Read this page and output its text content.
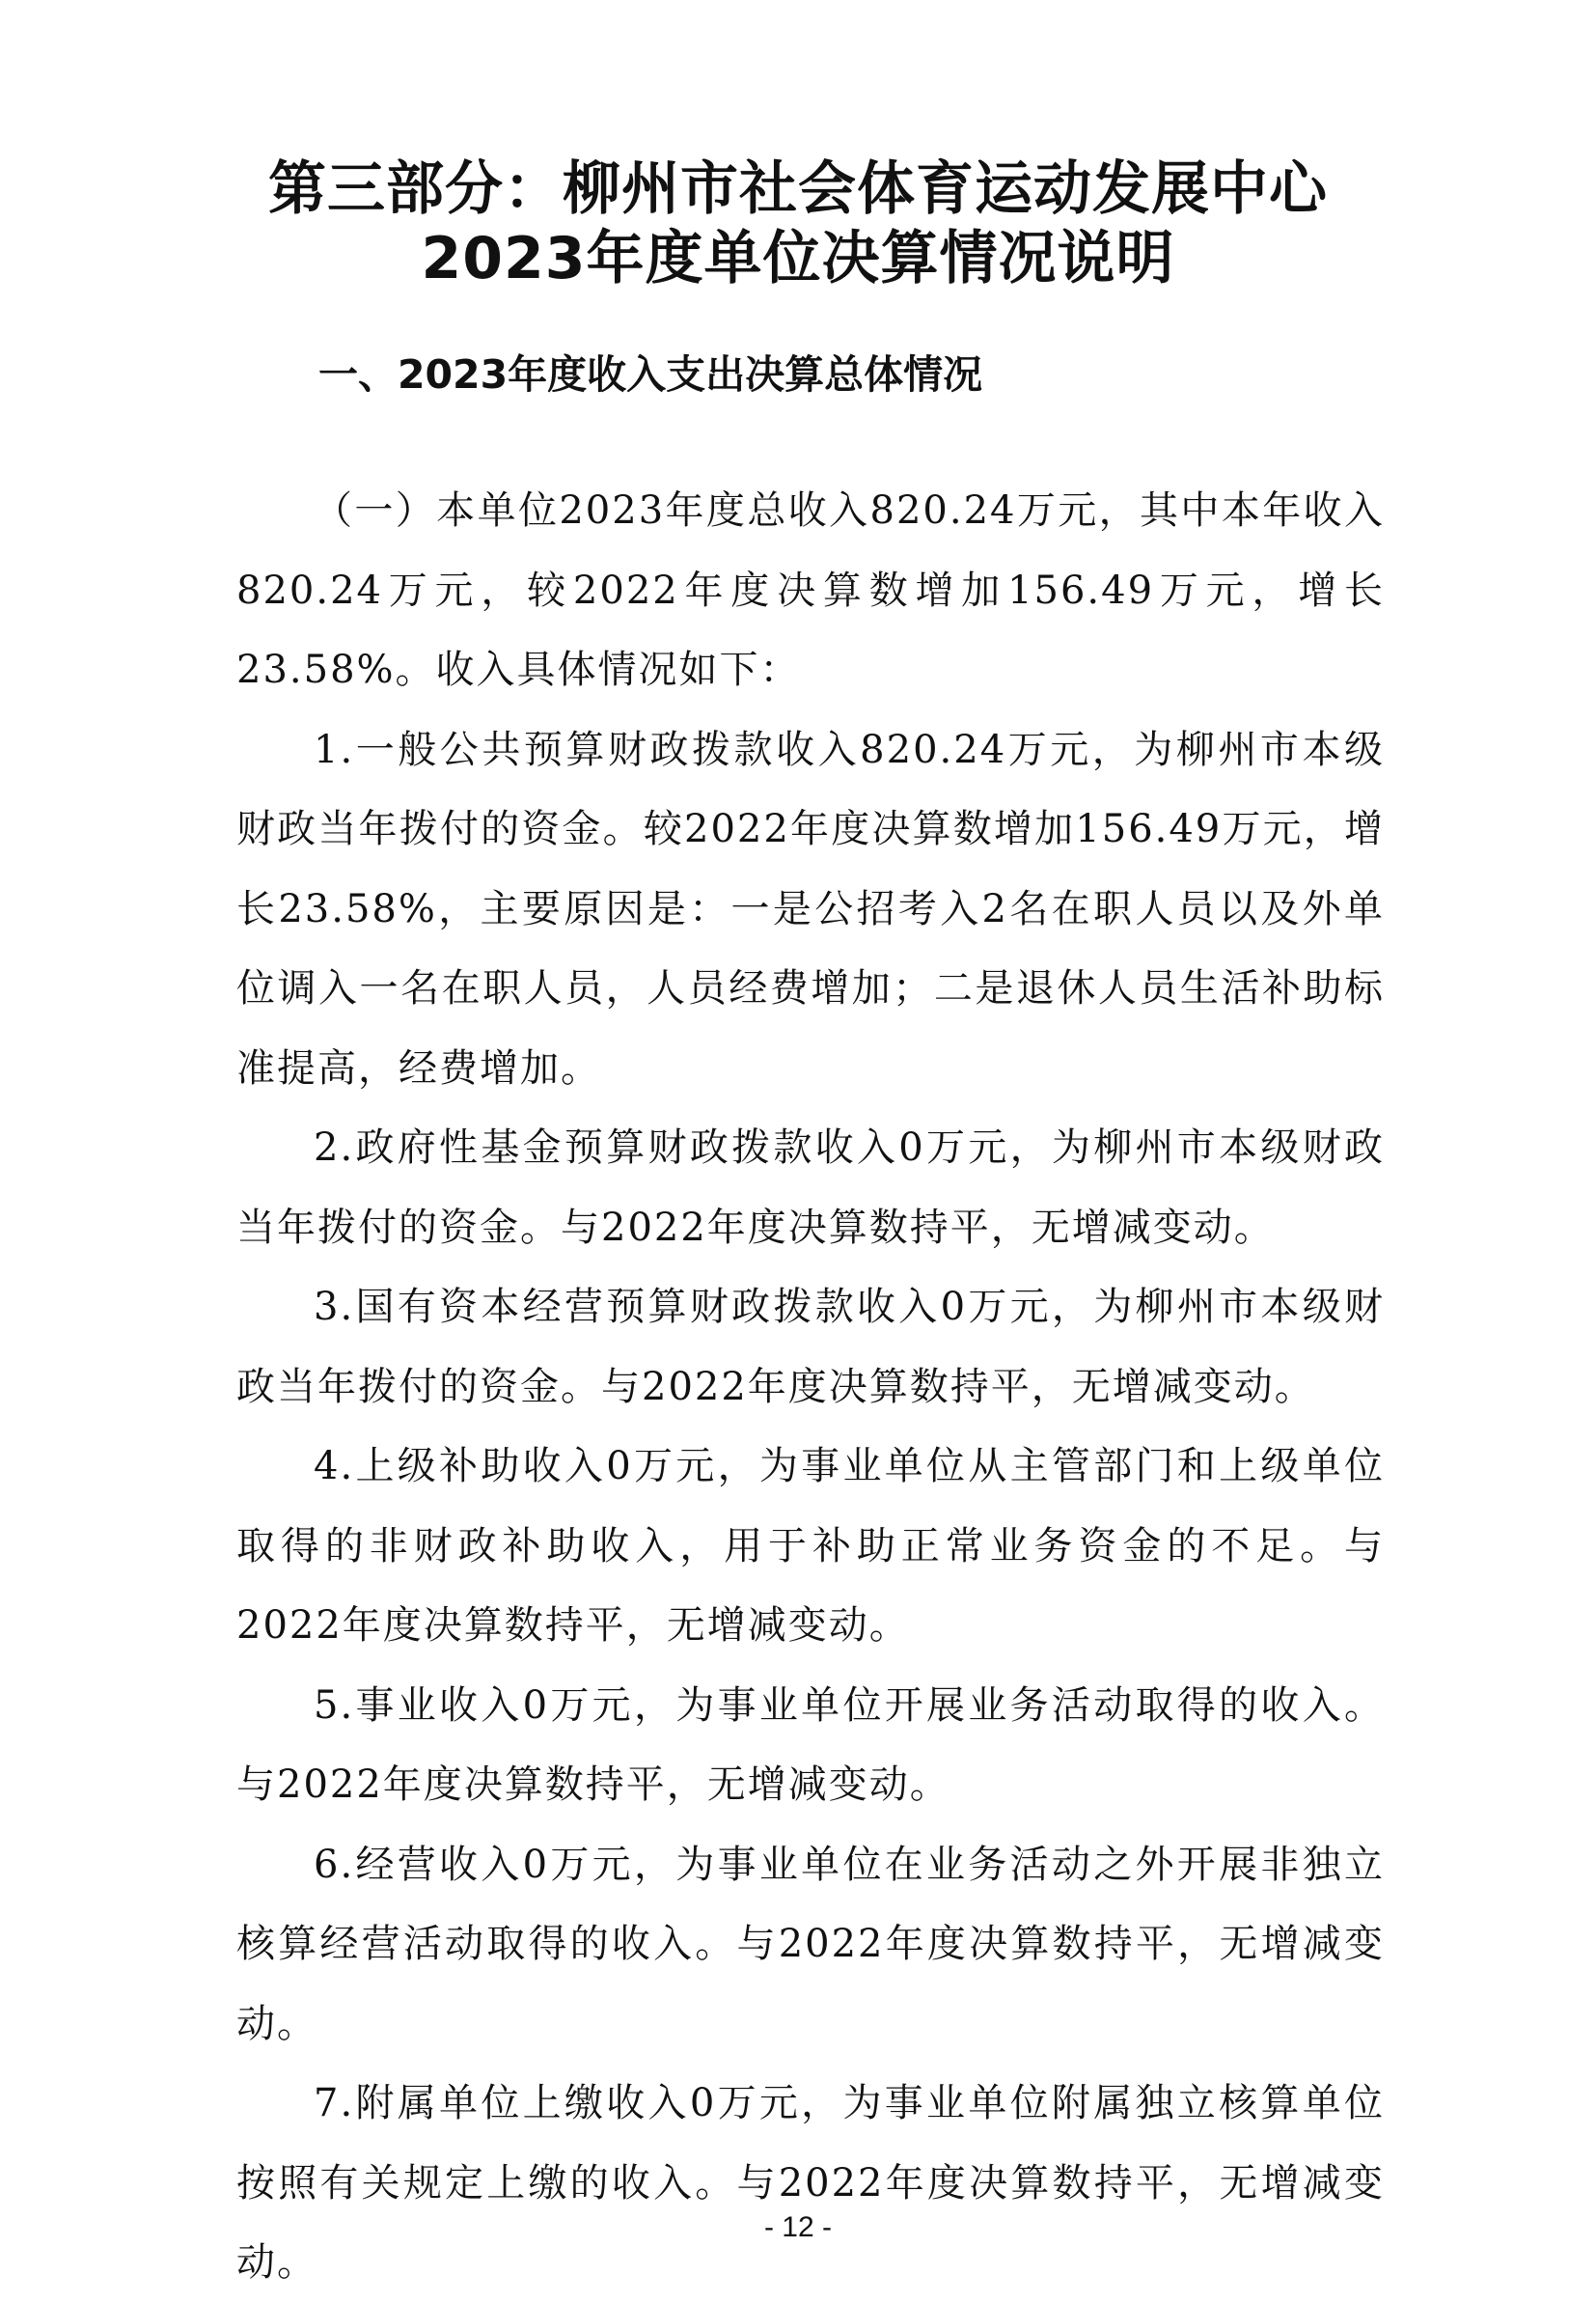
第三部分：柳州市社会体育运动发展中心
2023年度单位决算情况说明
一、2023年度收入支出决算总体情况

（一）本单位2023年度总收入820.24万元，其中本年收入820.24万元，较2022年度决算数增加156.49万元，增长23.58%。收入具体情况如下：

1.一般公共预算财政拨款收入820.24万元，为柳州市本级财政当年拨付的资金。较2022年度决算数增加156.49万元，增长23.58%，主要原因是：一是公招考入2名在职人员以及外单位调入一名在职人员，人员经费增加；二是退休人员生活补助标准提高，经费增加。

2.政府性基金预算财政拨款收入0万元，为柳州市本级财政当年拨付的资金。与2022年度决算数持平，无增减变动。

3.国有资本经营预算财政拨款收入0万元，为柳州市本级财政当年拨付的资金。与2022年度决算数持平，无增减变动。

4.上级补助收入0万元，为事业单位从主管部门和上级单位取得的非财政补助收入，用于补助正常业务资金的不足。与2022年度决算数持平，无增减变动。

5.事业收入0万元，为事业单位开展业务活动取得的收入。与2022年度决算数持平，无增减变动。

6.经营收入0万元，为事业单位在业务活动之外开展非独立核算经营活动取得的收入。与2022年度决算数持平，无增减变动。

7.附属单位上缴收入0万元，为事业单位附属独立核算单位按照有关规定上缴的收入。与2022年度决算数持平，无增减变动。

- 12 -
